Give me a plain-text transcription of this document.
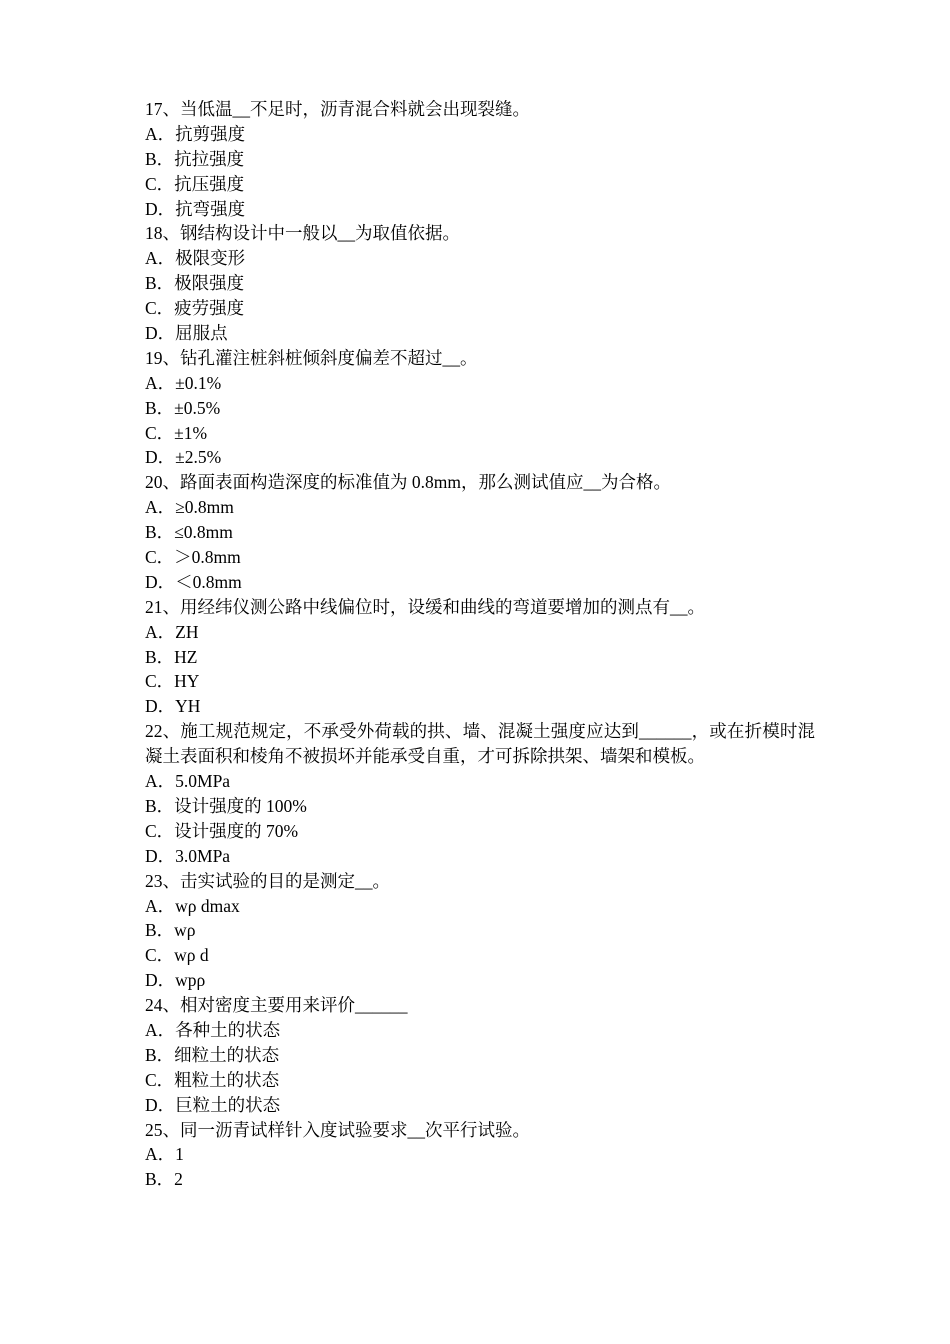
17、当低温__不足时，沥青混合料就会出现裂缝。
A．抗剪强度
B．抗拉强度
C．抗压强度
D．抗弯强度
18、钢结构设计中一般以__为取值依据。
A．极限变形
B．极限强度
C．疲劳强度
D．屈服点
19、钻孔灌注桩斜桩倾斜度偏差不超过__。
A．±0.1%
B．±0.5%
C．±1%
D．±2.5%
20、路面表面构造深度的标准值为 0.8mm，那么测试值应__为合格。
A．≥0.8mm
B．≤0.8mm
C．＞0.8mm
D．＜0.8mm
21、用经纬仪测公路中线偏位时，设缓和曲线的弯道要增加的测点有__。
A．ZH
B．HZ
C．HY
D．YH
22、施工规范规定，不承受外荷载的拱、墙、混凝土强度应达到______，或在折模时混凝土表面积和棱角不被损坏并能承受自重，才可拆除拱架、墙架和模板。
A．5.0MPa
B．设计强度的 100%
C．设计强度的 70%
D．3.0MPa
23、击实试验的目的是测定__。
A．wρ dmax
B．wρ
C．wρ d
D．wpρ
24、相对密度主要用来评价______
A．各种土的状态
B．细粒土的状态
C．粗粒土的状态
D．巨粒土的状态
25、同一沥青试样针入度试验要求__次平行试验。
A．1
B．2
